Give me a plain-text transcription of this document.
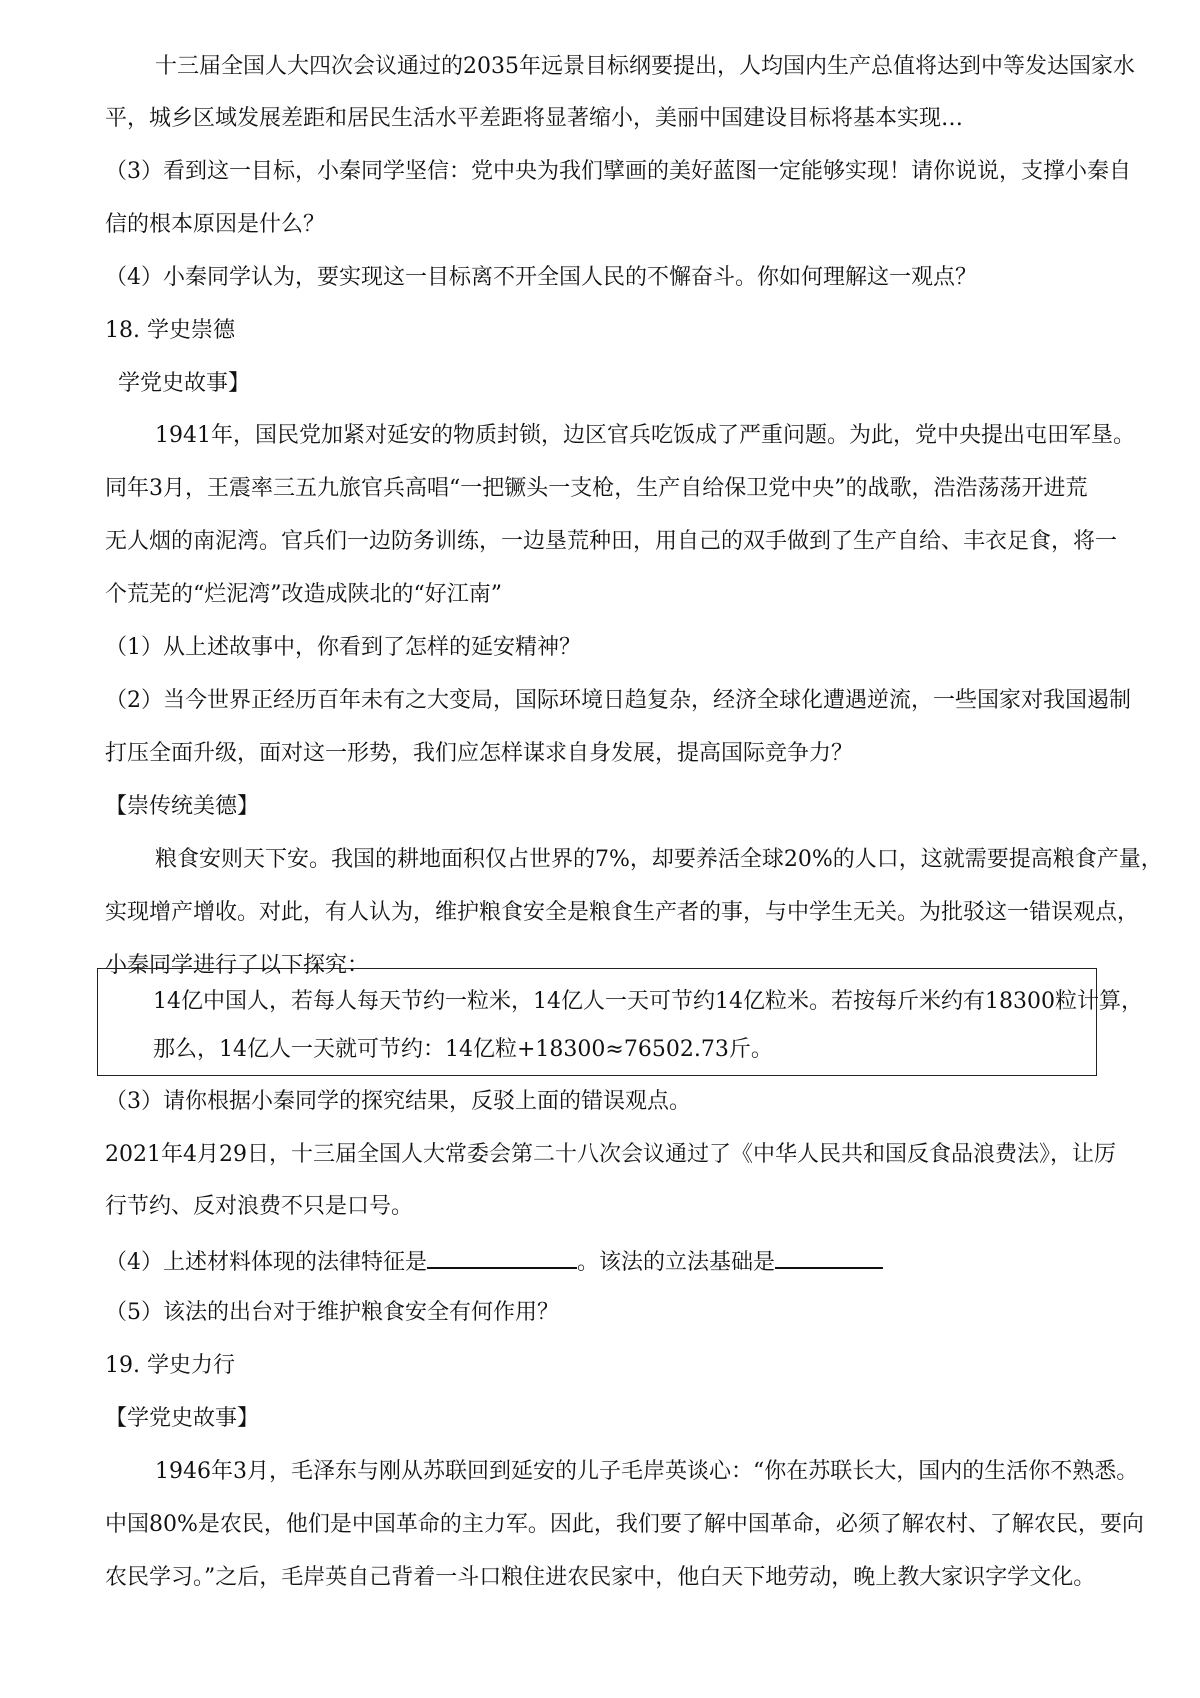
十三届全国人大四次会议通过的2035年远景目标纲要提出，人均国内生产总值将达到中等发达国家水
平，城乡区域发展差距和居民生活水平差距将显著缩小，美丽中国建设目标将基本实现…
（3）看到这一目标，小秦同学坚信：党中央为我们擘画的美好蓝图一定能够实现！请你说说，支撑小秦自
信的根本原因是什么？
（4）小秦同学认为，要实现这一目标离不开全国人民的不懈奋斗。你如何理解这一观点？
18. 学史崇德
学党史故事】
1941年，国民党加紧对延安的物质封锁，边区官兵吃饭成了严重问题。为此，党中央提出屯田军垦。
同年3月，王震率三五九旅官兵高唱“一把镢头一支枪，生产自给保卫党中央”的战歌，浩浩荡荡开进荒
无人烟的南泥湾。官兵们一边防务训练，一边垦荒种田，用自己的双手做到了生产自给、丰衣足食，将一
个荒芜的“烂泥湾”改造成陕北的“好江南”
（1）从上述故事中，你看到了怎样的延安精神？
（2）当今世界正经历百年未有之大变局，国际环境日趋复杂，经济全球化遭遇逆流，一些国家对我国遏制
打压全面升级，面对这一形势，我们应怎样谋求自身发展，提高国际竞争力？
【崇传统美德】
粮食安则天下安。我国的耕地面积仅占世界的7%，却要养活全球20%的人口，这就需要提高粮食产量，
实现增产增收。对此，有人认为，维护粮食安全是粮食生产者的事，与中学生无关。为批驳这一错误观点，
小秦同学进行了以下探究：
14亿中国人，若每人每天节约一粒米，14亿人一天可节约14亿粒米。若按每斤米约有18300粒计算，
那么，14亿人一天就可节约：14亿粒+18300≈76502.73斤。
（3）请你根据小秦同学的探究结果，反驳上面的错误观点。
2021年4月29日，十三届全国人大常委会第二十八次会议通过了《中华人民共和国反食品浪费法》，让厉
行节约、反对浪费不只是口号。
（4）上述材料体现的法律特征是	。该法的立法基础是
（5）该法的出台对于维护粮食安全有何作用？
19. 学史力行
【学党史故事】
1946年3月，毛泽东与刚从苏联回到延安的儿子毛岸英谈心：“你在苏联长大，国内的生活你不熟悉。
中国80%是农民，他们是中国革命的主力军。因此，我们要了解中国革命，必须了解农村、了解农民，要向
农民学习。”之后，毛岸英自己背着一斗口粮住进农民家中，他白天下地劳动，晚上教大家识字学文化。
